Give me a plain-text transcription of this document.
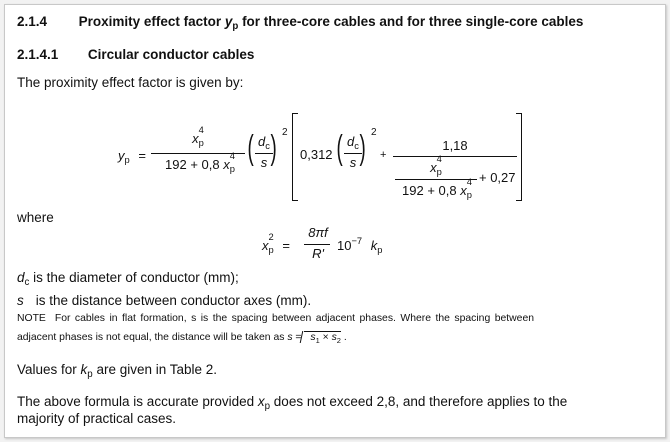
2.1.4 Proximity effect factor $y_p$ for three-core cables and for three single-core cables
2.1.4.1 Circular conductor cables
The proximity effect factor is given by:
$y_p$ =
x
4
$_p$
192 + 0,8 x
4
$_p$
( $d_c$
s ) 2
0,312 ( $d_c$
s ) 2
+
1,18
x
4
$_p$
192 + 0,8 x
4
$_p$
+ 0,27
where
x
2
$_p$ =
8πf
R'
$10^{-7}$ $k_p$
$d_c$ is the diameter of conductor (mm);
s is the distance between conductor axes (mm).
NOTE For cables in flat formation, s is the spacing between adjacent phases. Where the spacing between
adjacent phases is not equal, the distance will be taken as $s = s_1 \times s_2$ .
Values for $k_p$ are given in Table 2.
The above formula is accurate provided $x_p$ does not exceed 2,8, and therefore applies to the
majority of practical cases.
